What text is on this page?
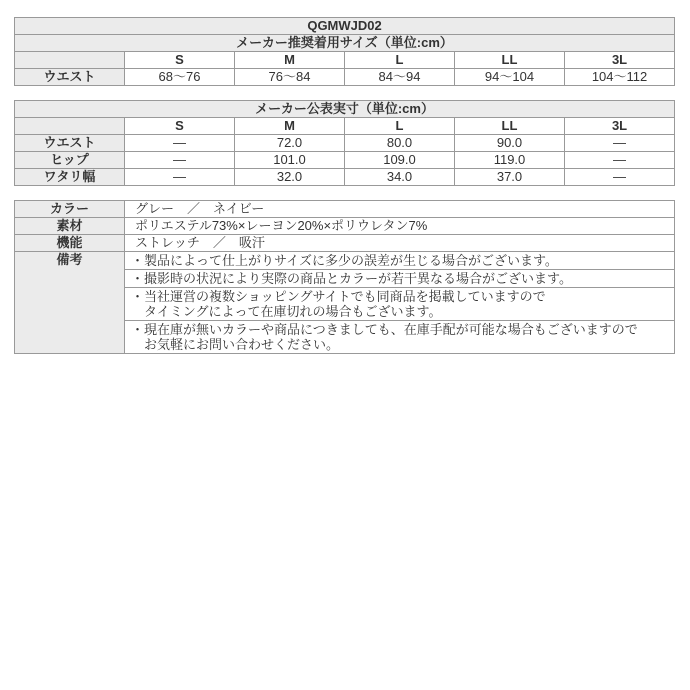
QGMWJD02					
メーカー推奨着用サイズ（単位:cm）					
	S	M	L	LL	3L
ウエスト	68～76	76～84	84～94	94～104	104～112
メーカー公表実寸（単位:cm）					
	S	M	L	LL	3L
ウエスト	―	72.0	80.0	90.0	―
ヒップ	―	101.0	109.0	119.0	―
ワタリ幅	―	32.0	34.0	37.0	―
カラー	グレー　／　ネイビー
素材	ポリエステル73%×レーヨン20%×ポリウレタン7%
機能	ストレッチ　／　吸汗
備考	・製品によって仕上がりサイズに多少の誤差が生じる場合がございます。

	・撮影時の状況により実際の商品とカラーが若干異なる場合がございます。

	・当社運営の複数ショッピングサイトでも同商品を掲載していますので
タイミングによって在庫切れの場合もございます。

	・現在庫が無いカラーや商品につきましても、在庫手配が可能な場合もございますので
お気軽にお問い合わせください。
